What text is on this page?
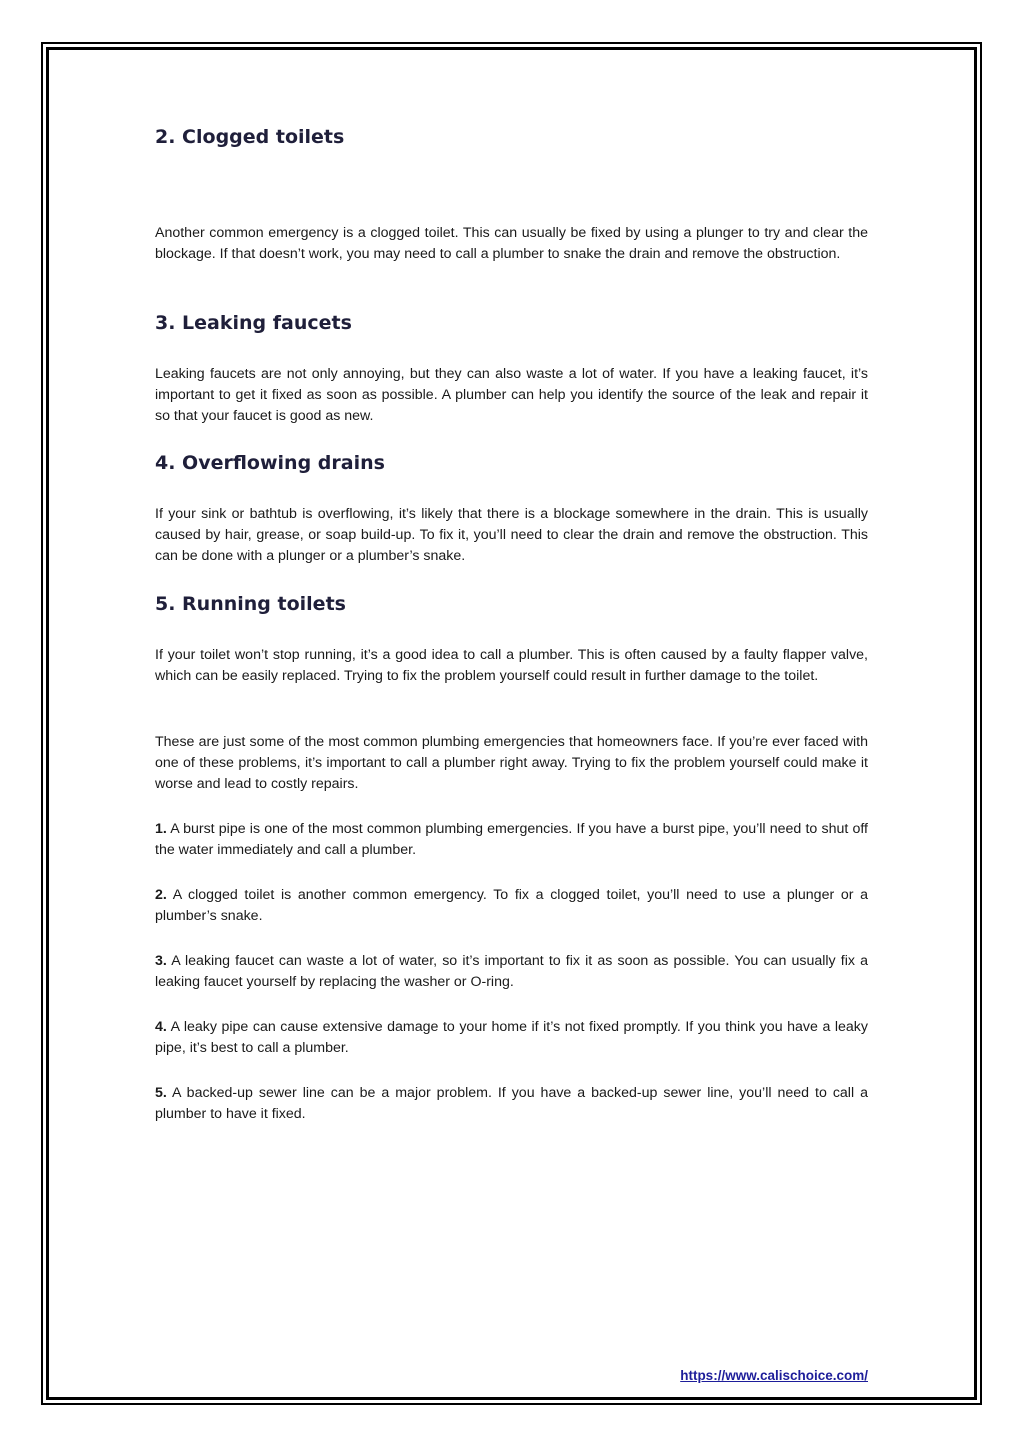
2. Clogged toilets

Another common emergency is a clogged toilet. This can usually be fixed by using a plunger to try and clear the blockage. If that doesn’t work, you may need to call a plumber to snake the drain and remove the obstruction.

3. Leaking faucets

Leaking faucets are not only annoying, but they can also waste a lot of water. If you have a leaking faucet, it’s important to get it fixed as soon as possible. A plumber can help you identify the source of the leak and repair it so that your faucet is good as new.

4. Overflowing drains

If your sink or bathtub is overflowing, it’s likely that there is a blockage somewhere in the drain. This is usually caused by hair, grease, or soap build-up. To fix it, you’ll need to clear the drain and remove the obstruction. This can be done with a plunger or a plumber’s snake.

5. Running toilets

If your toilet won’t stop running, it’s a good idea to call a plumber. This is often caused by a faulty flapper valve, which can be easily replaced. Trying to fix the problem yourself could result in further damage to the toilet.

These are just some of the most common plumbing emergencies that homeowners face. If you’re ever faced with one of these problems, it’s important to call a plumber right away. Trying to fix the problem yourself could make it worse and lead to costly repairs.

1. A burst pipe is one of the most common plumbing emergencies. If you have a burst pipe, you’ll need to shut off the water immediately and call a plumber.

2. A clogged toilet is another common emergency. To fix a clogged toilet, you’ll need to use a plunger or a plumber’s snake.

3. A leaking faucet can waste a lot of water, so it’s important to fix it as soon as possible. You can usually fix a leaking faucet yourself by replacing the washer or O-ring.

4. A leaky pipe can cause extensive damage to your home if it’s not fixed promptly. If you think you have a leaky pipe, it’s best to call a plumber.

5. A backed-up sewer line can be a major problem. If you have a backed-up sewer line, you’ll need to call a plumber to have it fixed.

https://www.calischoice.com/
